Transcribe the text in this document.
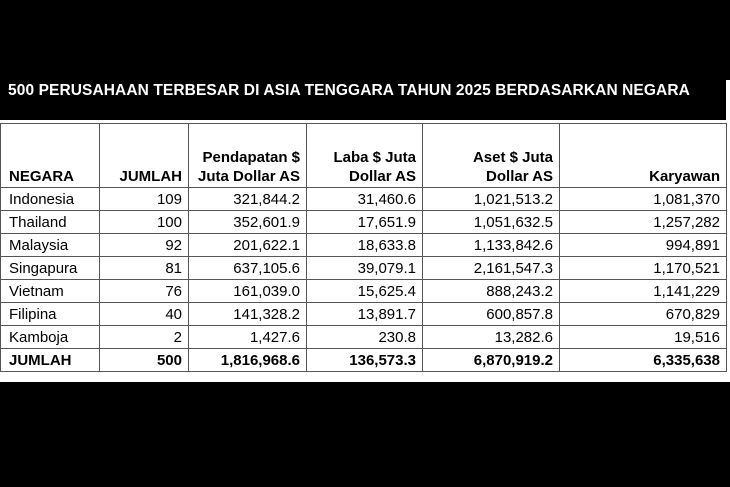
500 PERUSAHAAN TERBESAR DI ASIA TENGGARA TAHUN 2025 BERDASARKAN NEGARA
NEGARA	JUMLAH	Pendapatan $ Juta Dollar AS	Laba $ Juta Dollar AS	Aset $ Juta Dollar AS	Karyawan
Indonesia	109	321,844.2	31,460.6	1,021,513.2	1,081,370
Thailand	100	352,601.9	17,651.9	1,051,632.5	1,257,282
Malaysia	92	201,622.1	18,633.8	1,133,842.6	994,891
Singapura	81	637,105.6	39,079.1	2,161,547.3	1,170,521
Vietnam	76	161,039.0	15,625.4	888,243.2	1,141,229
Filipina	40	141,328.2	13,891.7	600,857.8	670,829
Kamboja	2	1,427.6	230.8	13,282.6	19,516
JUMLAH	500	1,816,968.6	136,573.3	6,870,919.2	6,335,638
